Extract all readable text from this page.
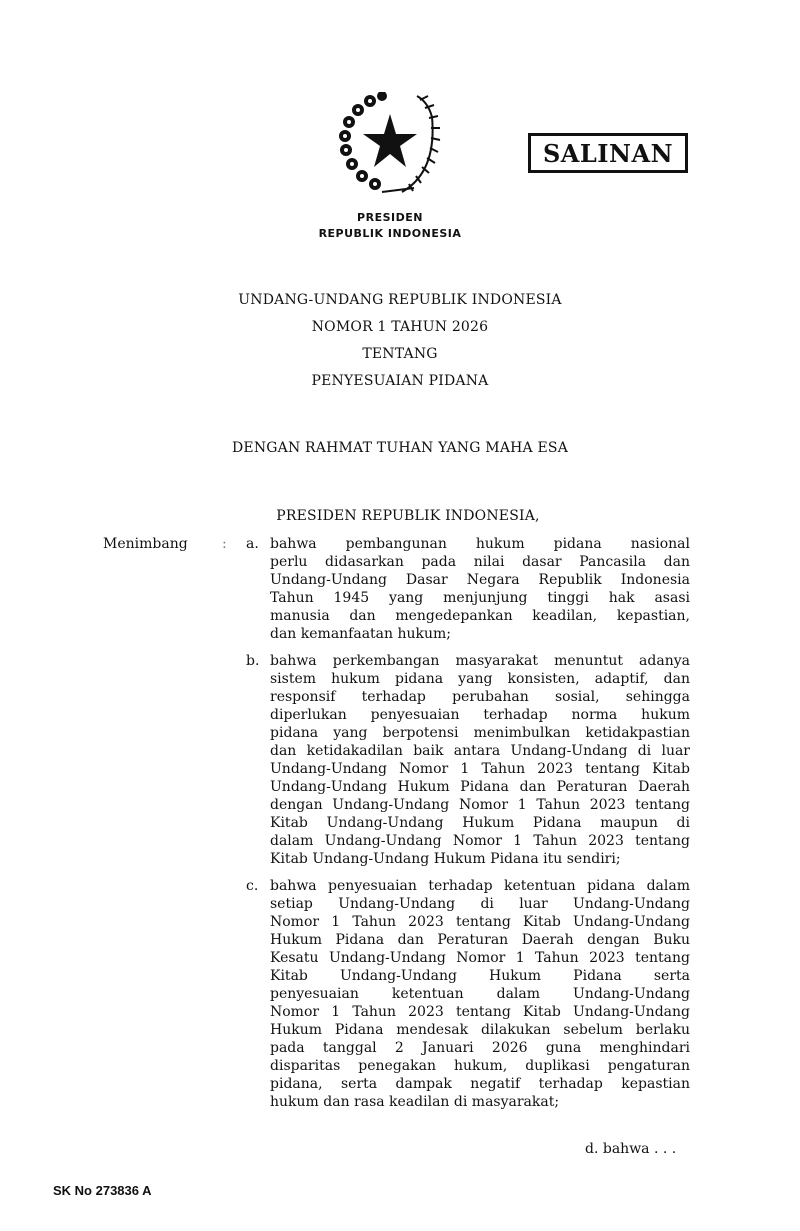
SALINAN
PRESIDEN
REPUBLIK INDONESIA
UNDANG-UNDANG REPUBLIK INDONESIA
NOMOR 1 TAHUN 2026
TENTANG
PENYESUAIAN PIDANA
DENGAN RAHMAT TUHAN YANG MAHA ESA
PRESIDEN REPUBLIK INDONESIA,
Menimbang : a. bahwa pembangunan hukum pidana nasional
perlu didasarkan pada nilai dasar Pancasila dan
Undang-Undang Dasar Negara Republik Indonesia
Tahun 1945 yang menjunjung tinggi hak asasi
manusia dan mengedepankan keadilan, kepastian,
dan kemanfaatan hukum;
b. bahwa perkembangan masyarakat menuntut adanya
sistem hukum pidana yang konsisten, adaptif, dan
responsif terhadap perubahan sosial, sehingga
diperlukan penyesuaian terhadap norma hukum
pidana yang berpotensi menimbulkan ketidakpastian
dan ketidakadilan baik antara Undang-Undang di luar
Undang-Undang Nomor 1 Tahun 2023 tentang Kitab
Undang-Undang Hukum Pidana dan Peraturan Daerah
dengan Undang-Undang Nomor 1 Tahun 2023 tentang
Kitab Undang-Undang Hukum Pidana maupun di
dalam Undang-Undang Nomor 1 Tahun 2023 tentang
Kitab Undang-Undang Hukum Pidana itu sendiri;
c. bahwa penyesuaian terhadap ketentuan pidana dalam
setiap Undang-Undang di luar Undang-Undang
Nomor 1 Tahun 2023 tentang Kitab Undang-Undang
Hukum Pidana dan Peraturan Daerah dengan Buku
Kesatu Undang-Undang Nomor 1 Tahun 2023 tentang
Kitab Undang-Undang Hukum Pidana serta
penyesuaian ketentuan dalam Undang-Undang
Nomor 1 Tahun 2023 tentang Kitab Undang-Undang
Hukum Pidana mendesak dilakukan sebelum berlaku
pada tanggal 2 Januari 2026 guna menghindari
disparitas penegakan hukum, duplikasi pengaturan
pidana, serta dampak negatif terhadap kepastian
hukum dan rasa keadilan di masyarakat;
d. bahwa . . .
SK No 273836 A
